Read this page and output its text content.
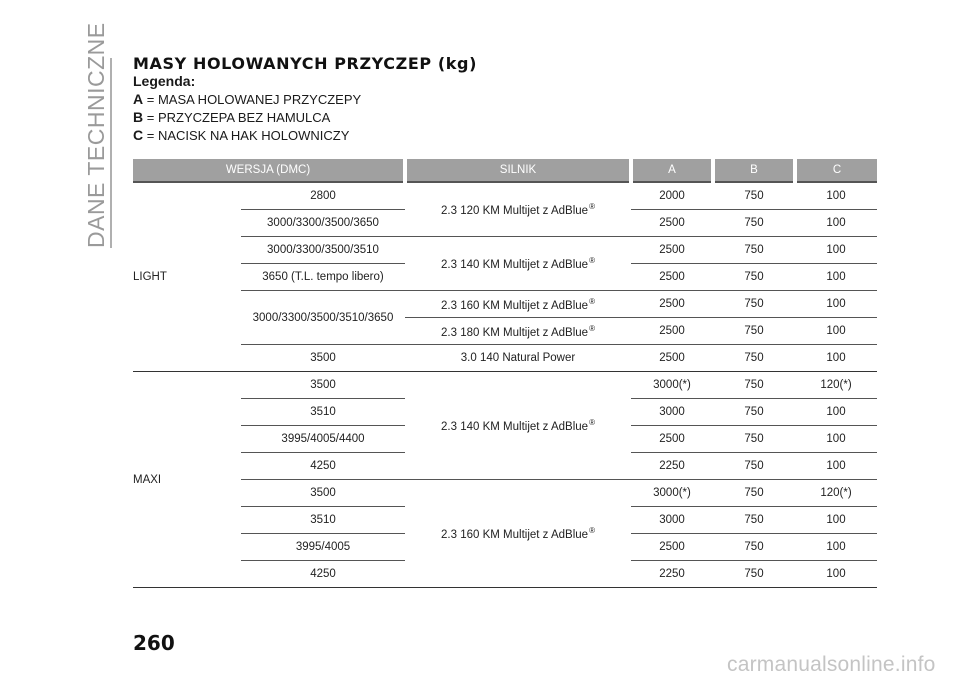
DANE TECHNICZNE MASY HOLOWANYCH PRZYCZEP (kg)
Legenda:
A = MASA HOLOWANEJ PRZYCZEPY
B = PRZYCZEPA BEZ HAMULCA
C = NACISK NA HAK HOLOWNICZY
WERSJA (DMC)		SILNIK	A	B	C
LIGHT	2800	2.3 120 KM Multijet z AdBlue®	2000	750	100
	3000/3300/3500/3650		2500	750	100
	3000/3300/3500/3510	2.3 140 KM Multijet z AdBlue®	2500	750	100
	3650 (T.L. tempo libero)		2500	750	100
	3000/3300/3500/3510/3650	2.3 160 KM Multijet z AdBlue®	2500	750	100
		2.3 180 KM Multijet z AdBlue®	2500	750	100
	3500	3.0 140 Natural Power	2500	750	100
MAXI	3500	2.3 140 KM Multijet z AdBlue®	3000(*)	750	120(*)
	3510		3000	750	100
	3995/4005/4400		2500	750	100
	4250		2250	750	100
	3500	2.3 160 KM Multijet z AdBlue®	3000(*)	750	120(*)
	3510		3000	750	100
	3995/4005		2500	750	100
	4250		2250	750	100
260
carmanualsonline.info
